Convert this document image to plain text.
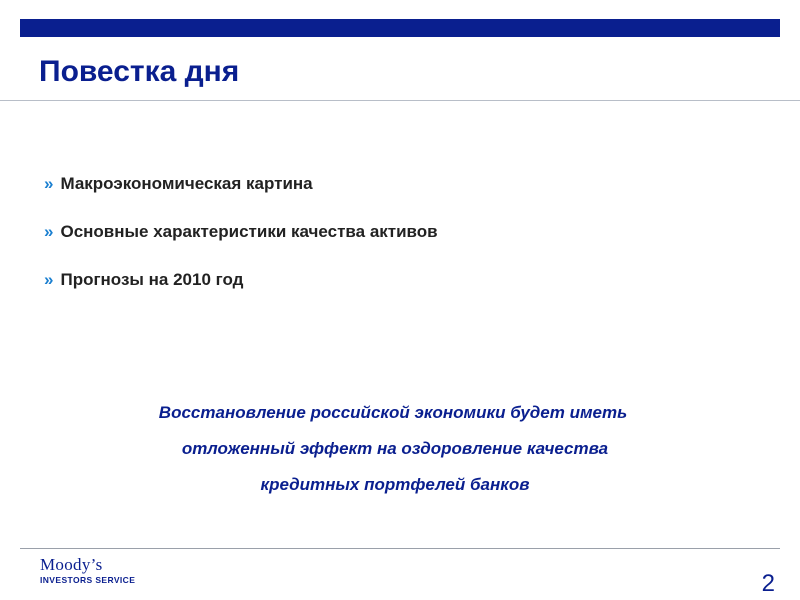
Повестка дня
» Макроэкономическая картина
» Основные характеристики качества активов
» Прогнозы на 2010 год
Восстановление российской экономики будет иметь
отложенный эффект на оздоровление качества
кредитных портфелей банков
Moody’s
INVESTORS SERVICE	2
